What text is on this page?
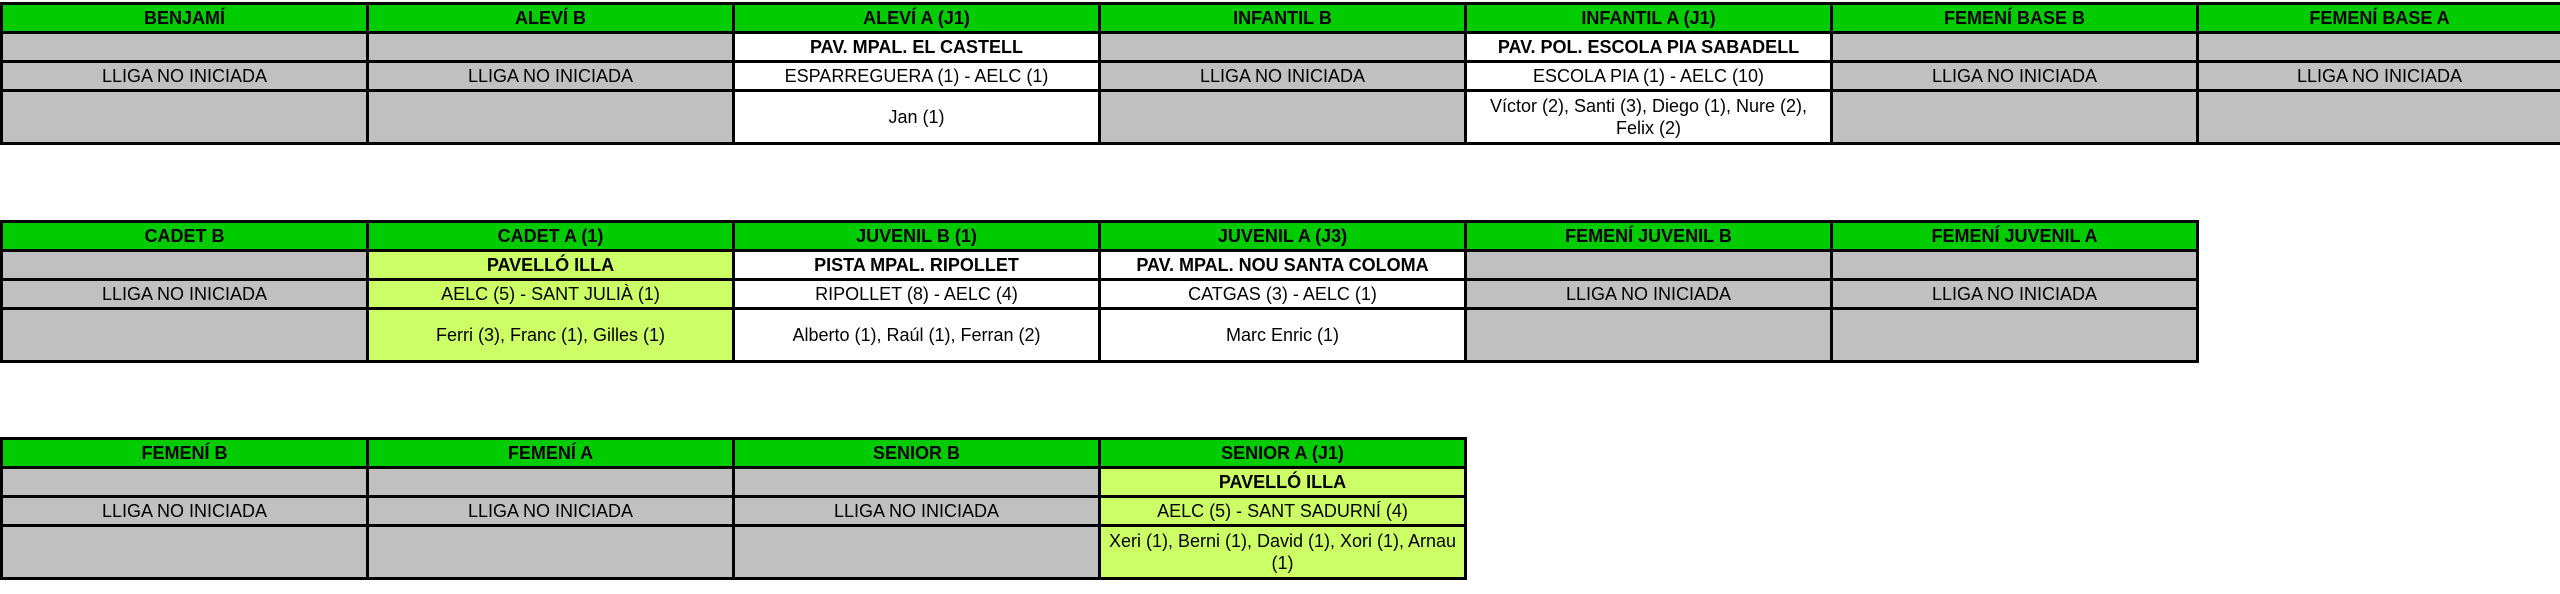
BENJAMÍ	ALEVÍ B	ALEVÍ A (J1)	INFANTIL B	INFANTIL A (J1)	FEMENÍ BASE B	FEMENÍ BASE A
		PAV. MPAL. EL CASTELL		PAV. POL. ESCOLA PIA SABADELL		
LLIGA NO INICIADA	LLIGA NO INICIADA	ESPARREGUERA (1) - AELC (1)	LLIGA NO INICIADA	ESCOLA PIA (1) - AELC (10)	LLIGA NO INICIADA	LLIGA NO INICIADA
		Jan (1)		Víctor (2), Santi (3), Diego (1), Nure (2), Felix (2)		
CADET B	CADET A (1)	JUVENIL B (1)	JUVENIL A (J3)	FEMENÍ JUVENIL B	FEMENÍ JUVENIL A
	PAVELLÓ ILLA	PISTA MPAL. RIPOLLET	PAV. MPAL. NOU SANTA COLOMA		
LLIGA NO INICIADA	AELC (5) - SANT JULIÀ (1)	RIPOLLET (8) - AELC (4)	CATGAS (3) - AELC (1)	LLIGA NO INICIADA	LLIGA NO INICIADA
	Ferri (3), Franc (1), Gilles (1)	Alberto (1), Raúl (1), Ferran (2)	Marc Enric (1)		
FEMENÍ B	FEMENÍ A	SENIOR B	SENIOR A (J1)
			PAVELLÓ ILLA
LLIGA NO INICIADA	LLIGA NO INICIADA	LLIGA NO INICIADA	AELC (5) - SANT SADURNÍ (4)
			Xeri (1), Berni (1), David (1), Xori (1), Arnau (1)
